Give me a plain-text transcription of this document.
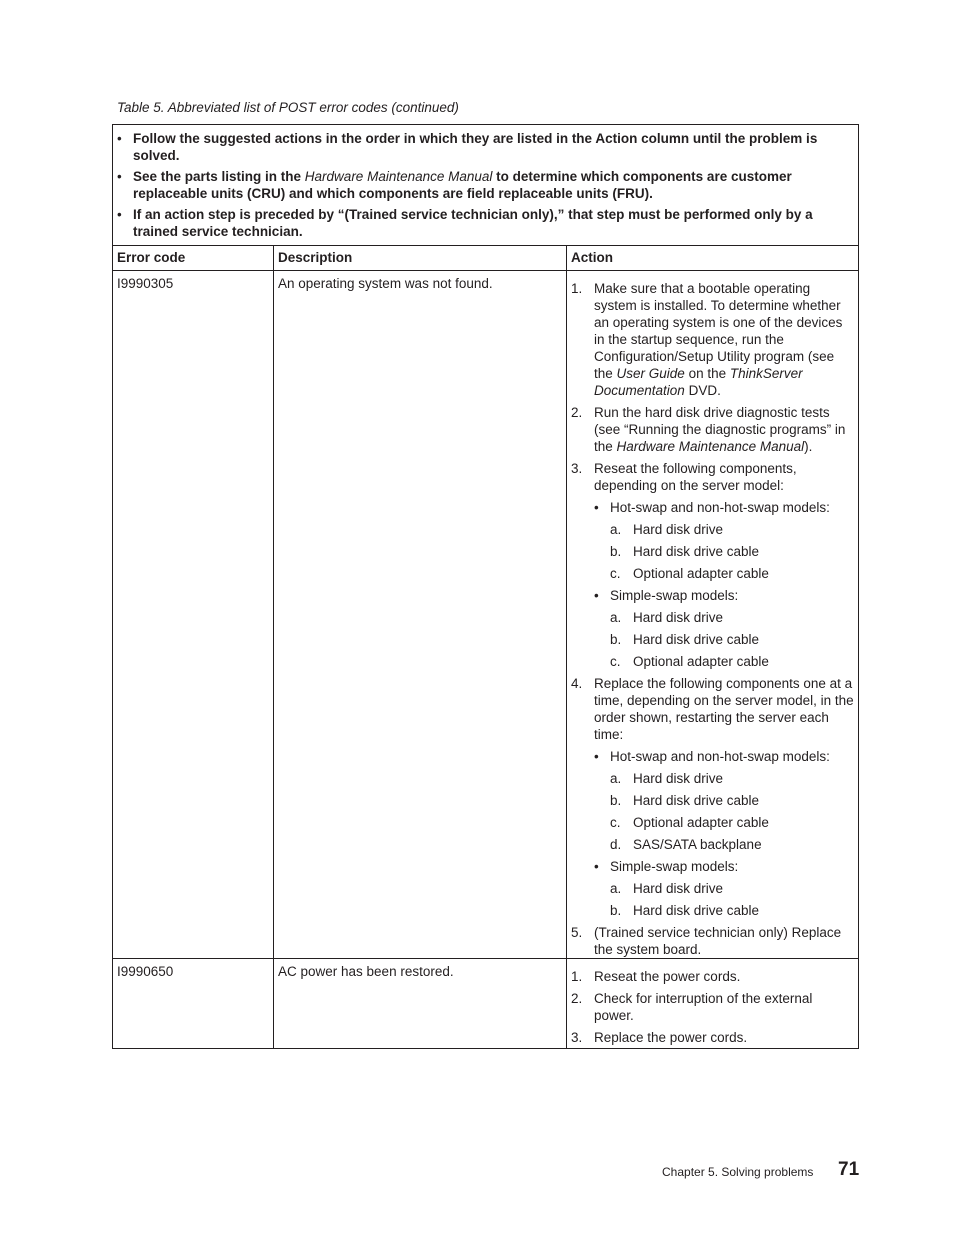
Table 5. Abbreviated list of POST error codes (continued)
• Follow the suggested actions in the order in which they are listed in the Action column until the problem is solved.
• See the parts listing in the Hardware Maintenance Manual to determine which components are customer replaceable units (CRU) and which components are field replaceable units (FRU).
• If an action step is preceded by “(Trained service technician only),” that step must be performed only by a trained service technician.
Error code	Description	Action
I9990305	An operating system was not found.	1. Make sure that a bootable operating system is installed. To determine whether an operating system is one of the devices in the startup sequence, run the Configuration/Setup Utility program (see the User Guide on the ThinkServer Documentation DVD.
2. Run the hard disk drive diagnostic tests (see “Running the diagnostic programs” in the Hardware Maintenance Manual).
3. Reseat the following components, depending on the server model:
• Hot-swap and non-hot-swap models:
a. Hard disk drive
b. Hard disk drive cable
c. Optional adapter cable
• Simple-swap models:
a. Hard disk drive
b. Hard disk drive cable
c. Optional adapter cable
4. Replace the following components one at a time, depending on the server model, in the order shown, restarting the server each time:
• Hot-swap and non-hot-swap models:
a. Hard disk drive
b. Hard disk drive cable
c. Optional adapter cable
d. SAS/SATA backplane
• Simple-swap models:
a. Hard disk drive
b. Hard disk drive cable
5. (Trained service technician only) Replace the system board.
I9990650	AC power has been restored.	1. Reseat the power cords.
2. Check for interruption of the external power.
3. Replace the power cords.
Chapter 5. Solving problems 71
